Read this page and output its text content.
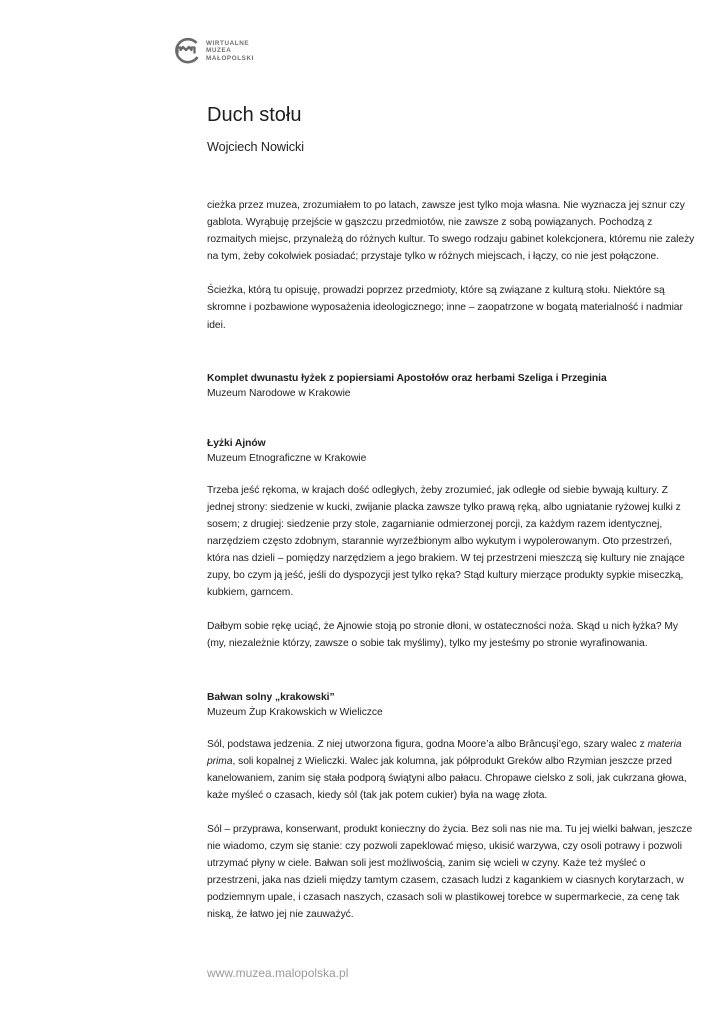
WIRTUALNE
MUZEA
MAŁOPOLSKI
Duch stołu

Wojciech Nowicki

cieżka przez muzea, zrozumiałem to po latach, zawsze jest tylko moja własna. Nie wyznacza jej sznur czy gablota. Wyrąbuję przejście w gąszczu przedmiotów, nie zawsze z sobą powiązanych. Pochodzą z rozmaitych miejsc, przynależą do różnych kultur. To swego rodzaju gabinet kolekcjonera, któremu nie zależy na tym, żeby cokolwiek posiadać; przystaje tylko w różnych miejscach, i łączy, co nie jest połączone.

Ścieżka, którą tu opisuję, prowadzi poprzez przedmioty, które są związane z kulturą stołu. Niektóre są skromne i pozbawione wyposażenia ideologicznego; inne – zaopatrzone w bogatą materialność i nadmiar idei.

Komplet dwunastu łyżek z popiersiami Apostołów oraz herbami Szeliga i Przeginia

Muzeum Narodowe w Krakowie

Łyżki Ajnów

Muzeum Etnograficzne w Krakowie

Trzeba jeść rękoma, w krajach dość odległych, żeby zrozumieć, jak odległe od siebie bywają kultury. Z jednej strony: siedzenie w kucki, zwijanie placka zawsze tylko prawą ręką, albo ugniatanie ryżowej kulki z sosem; z drugiej: siedzenie przy stole, zagarnianie odmierzonej porcji, za każdym razem identycznej, narzędziem często zdobnym, starannie wyrzeźbionym albo wykutym i wypolerowanym. Oto przestrzeń, która nas dzieli – pomiędzy narzędziem a jego brakiem. W tej przestrzeni mieszczą się kultury nie znające zupy, bo czym ją jeść, jeśli do dyspozycji jest tylko ręka? Stąd kultury mierzące produkty sypkie miseczką, kubkiem, garncem.

Dałbym sobie rękę uciąć, że Ajnowie stoją po stronie dłoni, w ostateczności noża. Skąd u nich łyżka? My (my, niezależnie którzy, zawsze o sobie tak myślimy), tylko my jesteśmy po stronie wyrafinowania.

Bałwan solny „krakowski”

Muzeum Żup Krakowskich w Wieliczce

Sól, podstawa jedzenia. Z niej utworzona figura, godna Moore’a albo Brâncuşi’ego, szary walec z materia prima, soli kopalnej z Wieliczki. Walec jak kolumna, jak półprodukt Greków albo Rzymian jeszcze przed kanelowaniem, zanim się stała podporą świątyni albo pałacu. Chropawe cielsko z soli, jak cukrzana głowa, każe myśleć o czasach, kiedy sól (tak jak potem cukier) była na wagę złota.

Sól – przyprawa, konserwant, produkt konieczny do życia. Bez soli nas nie ma. Tu jej wielki bałwan, jeszcze nie wiadomo, czym się stanie: czy pozwoli zapeklować mięso, ukisić warzywa, czy osoli potrawy i pozwoli utrzymać płyny w ciele. Bałwan soli jest możliwością, zanim się wcieli w czyny. Każe też myśleć o przestrzeni, jaka nas dzieli między tamtym czasem, czasach ludzi z kagankiem w ciasnych korytarzach, w podziemnym upale, i czasach naszych, czasach soli w plastikowej torebce w supermarkecie, za cenę tak niską, że łatwo jej nie zauważyć.

www.muzea.malopolska.pl
